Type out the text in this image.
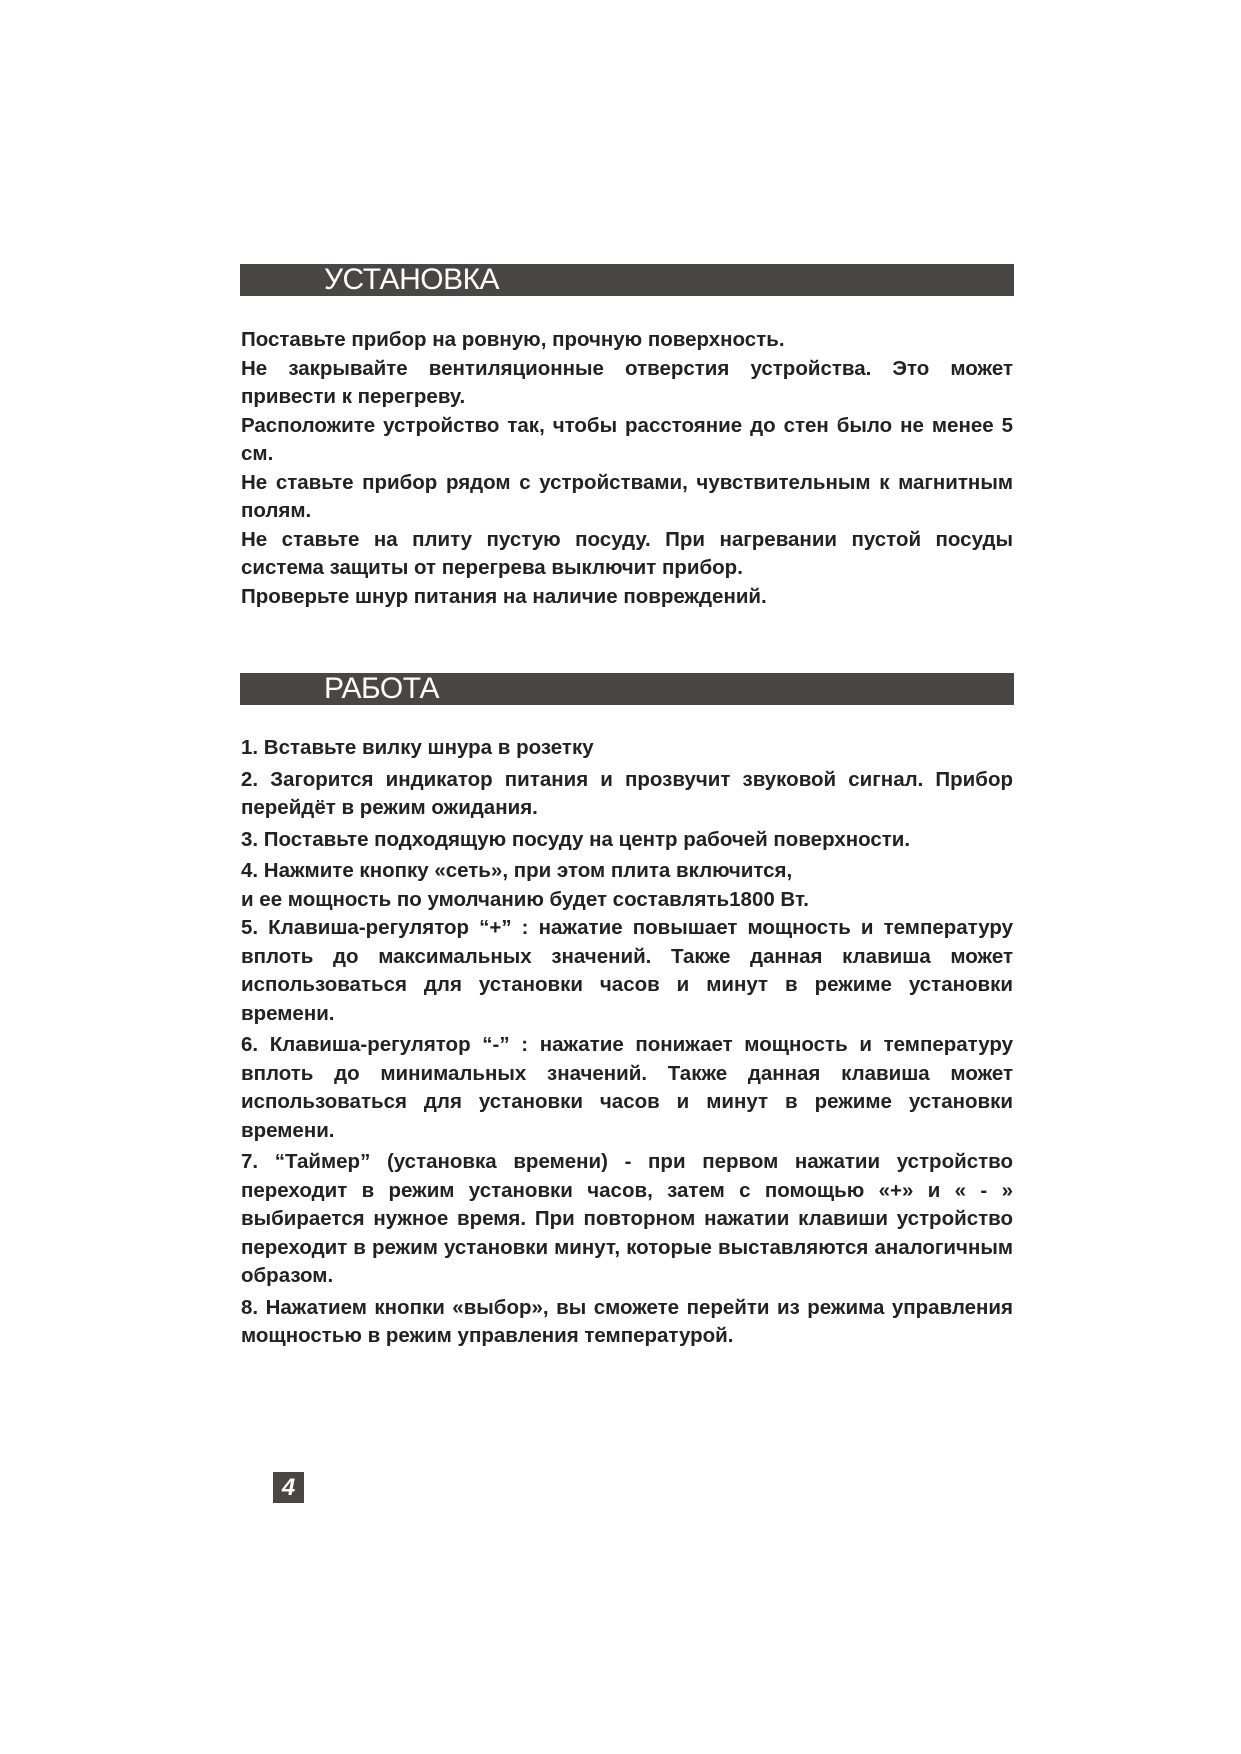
УСТАНОВКА

Поставьте прибор на ровную, прочную поверхность.

Не закрывайте вентиляционные отверстия устройства. Это может привести к перегреву.

Расположите устройство так, чтобы расстояние до стен было не менее 5 см.

Не ставьте прибор рядом с устройствами, чувствительным к магнитным полям.

Не ставьте на плиту пустую посуду. При нагревании пустой посуды система защиты от перегрева выключит прибор.

Проверьте шнур питания на наличие повреждений.

РАБОТА

1. Вставьте вилку шнура в розетку

2. Загорится индикатор питания и прозвучит звуковой сигнал. Прибор перейдёт в режим ожидания.

3. Поставьте подходящую посуду на центр рабочей поверхности.

4. Нажмите кнопку «сеть», при этом плита включится,

и ее мощность по умолчанию будет составлять1800 Вт.

5. Клавиша-регулятор “+” : нажатие повышает мощность и температуру вплоть до максимальных значений. Также данная клавиша может использоваться для установки часов и минут в режиме установки времени.

6. Клавиша-регулятор “-” : нажатие понижает мощность и температуру вплоть до минимальных значений. Также данная клавиша может использоваться для установки часов и минут в режиме установки времени.

7. “Таймер” (установка времени) - при первом нажатии устройство переходит в режим установки часов, затем с помощью «+» и « - » выбирается нужное время. При повторном нажатии клавиши устройство переходит в режим установки минут, которые выставляются аналогичным образом.

8. Нажатием кнопки «выбор», вы сможете перейти из режима управления мощностью в режим управления температурой.

4
